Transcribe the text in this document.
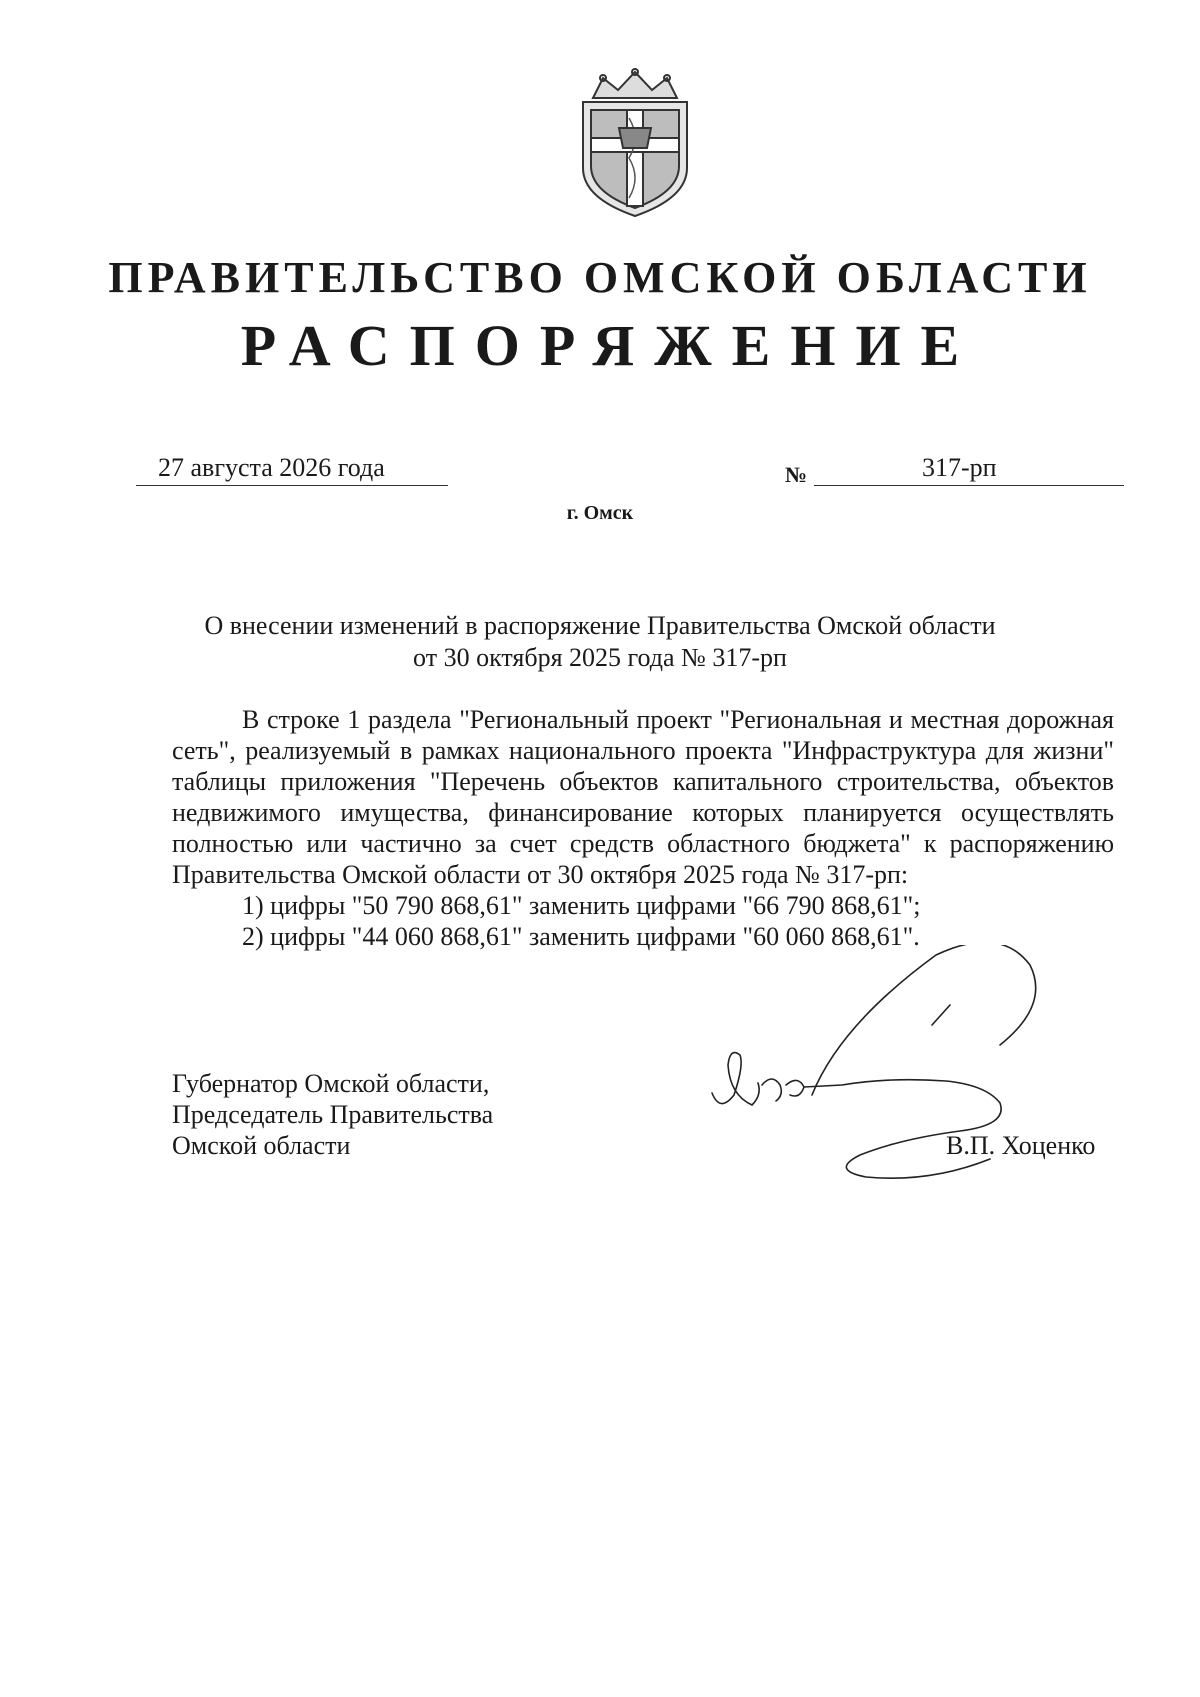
ПРАВИТЕЛЬСТВО ОМСКОЙ ОБЛАСТИ
РАСПОРЯЖЕНИЕ
27 августа 2026 года	№	317-рп
г. Омск
О внесении изменений в распоряжение Правительства Омской области
от 30 октября 2025 года № 317-рп

В строке 1 раздела "Региональный проект "Региональная и местная дорожная сеть", реализуемый в рамках национального проекта "Инфраструктура для жизни" таблицы приложения "Перечень объектов капитального строительства, объектов недвижимого имущества, финансирование которых планируется осуществлять полностью или частично за счет средств областного бюджета" к распоряжению Правительства Омской области от 30 октября 2025 года № 317-рп:

1) цифры "50 790 868,61" заменить цифрами "66 790 868,61";

2) цифры "44 060 868,61" заменить цифрами "60 060 868,61".

Губернатор Омской области,
Председатель Правительства
Омской области	В.П. Хоценко
